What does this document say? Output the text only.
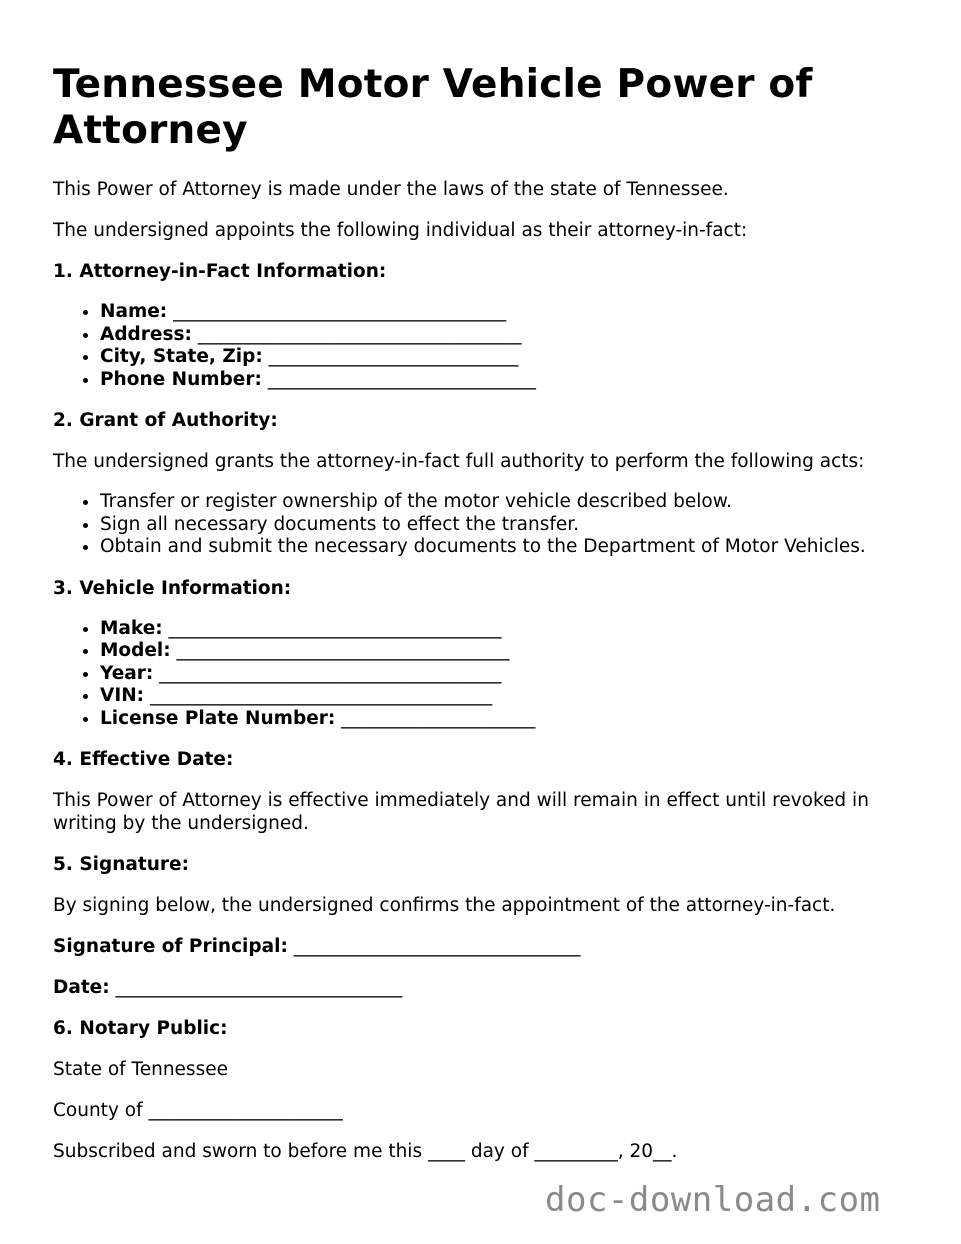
Tennessee Motor Vehicle Power of Attorney

This Power of Attorney is made under the laws of the state of Tennessee.

The undersigned appoints the following individual as their attorney-in-fact:

1. Attorney-in-Fact Information:
• Name: ____________________________________
• Address: ___________________________________
• City, State, Zip: ___________________________
• Phone Number: _____________________________
2. Grant of Authority:

The undersigned grants the attorney-in-fact full authority to perform the following acts:

• Transfer or register ownership of the motor vehicle described below.
• Sign all necessary documents to effect the transfer.
• Obtain and submit the necessary documents to the Department of Motor Vehicles.
3. Vehicle Information:
• Make: ____________________________________
• Model: ____________________________________
• Year: _____________________________________
• VIN: _____________________________________
• License Plate Number: _____________________
4. Effective Date:

This Power of Attorney is effective immediately and will remain in effect until revoked in writing by the undersigned.

5. Signature:

By signing below, the undersigned confirms the appointment of the attorney-in-fact.

Signature of Principal: _______________________________

Date: _______________________________

6. Notary Public:

State of Tennessee

County of _____________________

Subscribed and sworn to before me this ____ day of _________, 20__.

doc-download.com
